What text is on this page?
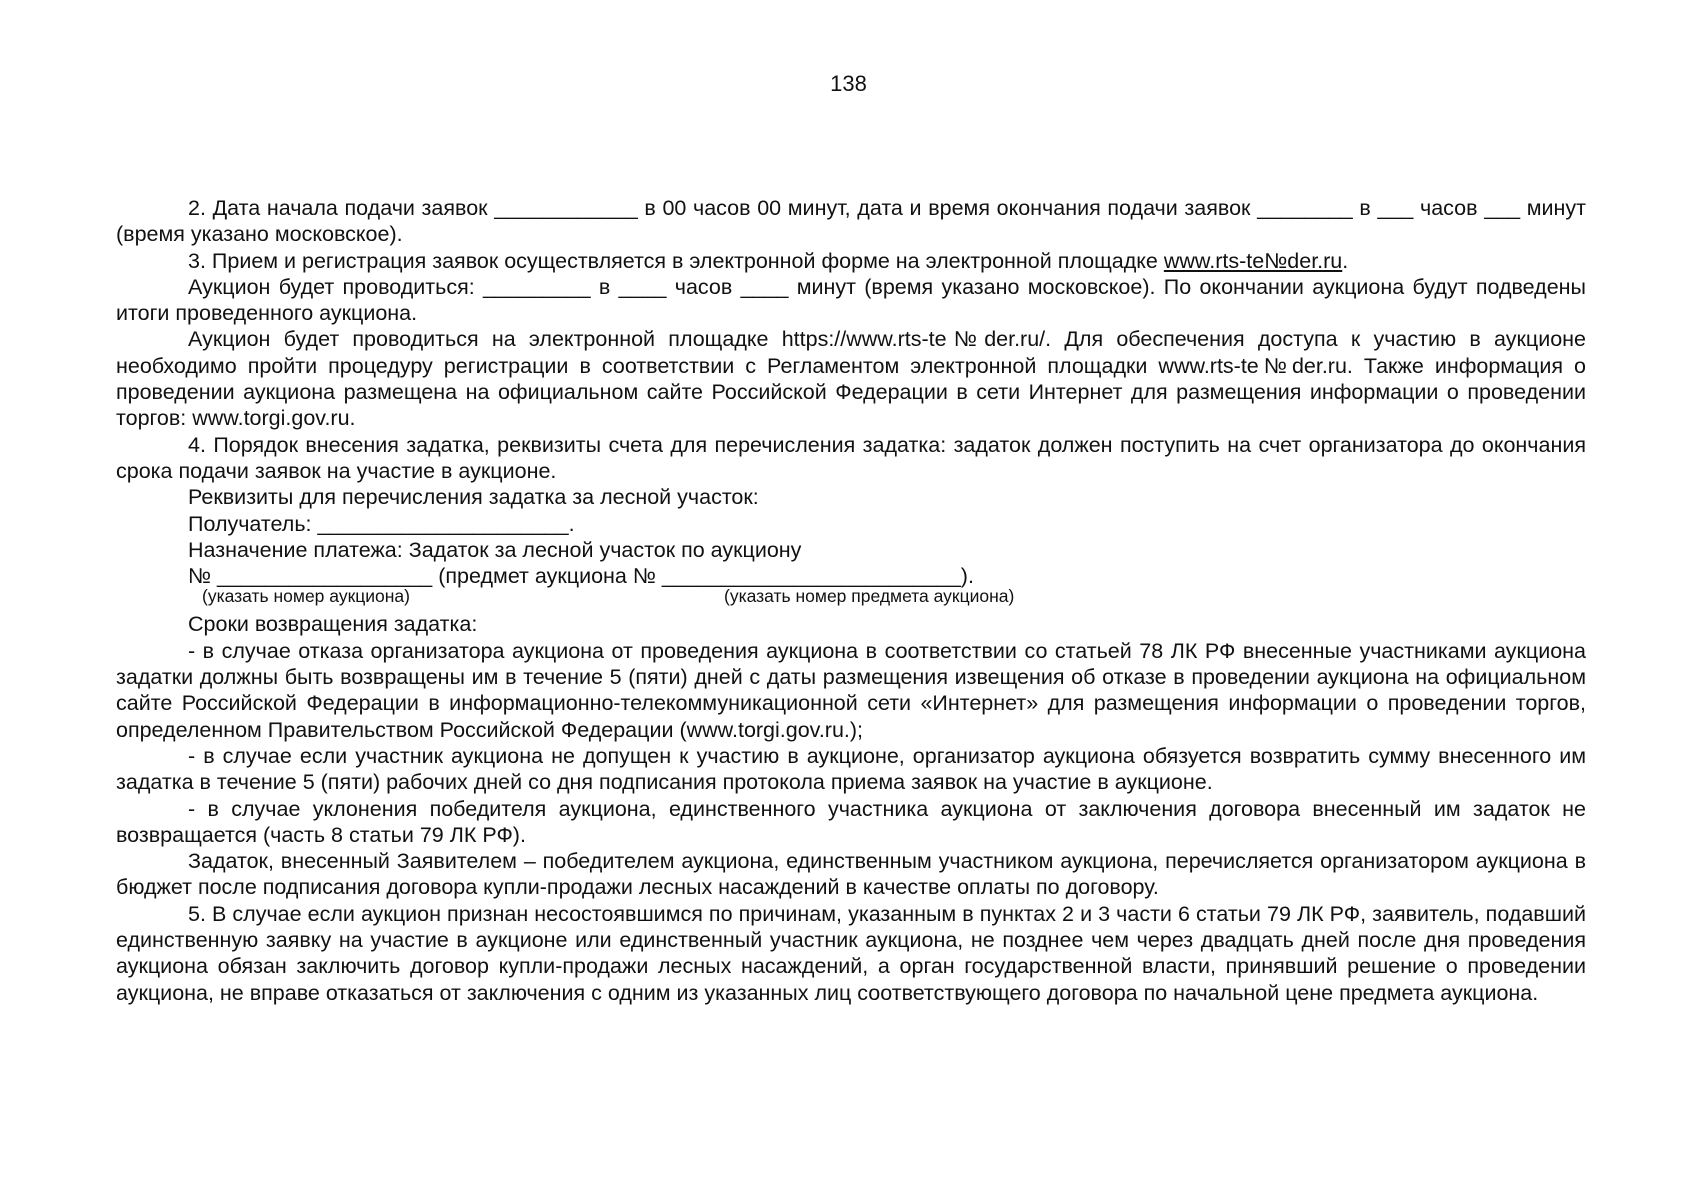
138

2. Дата начала подачи заявок ____________ в 00 часов 00 минут, дата и время окончания подачи заявок ________ в ___ часов ___ минут (время указано московское).

3. Прием и регистрация заявок осуществляется в электронной форме на электронной площадке www.rts-te№der.ru.

Аукцион будет проводиться: _________ в ____ часов ____ минут (время указано московское). По окончании аукциона будут подведены итоги проведенного аукциона.

Аукцион будет проводиться на электронной площадке https://www.rts-te№der.ru/. Для обеспечения доступа к участию в аукционе необходимо пройти процедуру регистрации в соответствии с Регламентом электронной площадки www.rts-te№der.ru. Также информация о проведении аукциона размещена на официальном сайте Российской Федерации в сети Интернет для размещения информации о проведении торгов: www.torgi.gov.ru.

4. Порядок внесения задатка, реквизиты счета для перечисления задатка: задаток должен поступить на счет организатора до окончания срока подачи заявок на участие в аукционе.

Реквизиты для перечисления задатка за лесной участок:

Получатель: _____________________.

Назначение платежа: Задаток за лесной участок по аукциону

№ __________________ (предмет аукциона № _________________________).

(указать номер аукциона)	(указать номер предмета аукциона)

Сроки возвращения задатка:

- в случае отказа организатора аукциона от проведения аукциона в соответствии со статьей 78 ЛК РФ внесенные участниками аукциона задатки должны быть возвращены им в течение 5 (пяти) дней с даты размещения извещения об отказе в проведении аукциона на официальном сайте Российской Федерации в информационно-телекоммуникационной сети «Интернет» для размещения информации о проведении торгов, определенном Правительством Российской Федерации (www.torgi.gov.ru.);

- в случае если участник аукциона не допущен к участию в аукционе, организатор аукциона обязуется возвратить сумму внесенного им задатка в течение 5 (пяти) рабочих дней со дня подписания протокола приема заявок на участие в аукционе.

- в случае уклонения победителя аукциона, единственного участника аукциона от заключения договора внесенный им задаток не возвращается (часть 8 статьи 79 ЛК РФ).

Задаток, внесенный Заявителем – победителем аукциона, единственным участником аукциона, перечисляется организатором аукциона в бюджет после подписания договора купли-продажи лесных насаждений в качестве оплаты по договору.

5. В случае если аукцион признан несостоявшимся по причинам, указанным в пунктах 2 и 3 части 6 статьи 79 ЛК РФ, заявитель, подавший единственную заявку на участие в аукционе или единственный участник аукциона, не позднее чем через двадцать дней после дня проведения аукциона обязан заключить договор купли-продажи лесных насаждений, а орган государственной власти, принявший решение о проведении аукциона, не вправе отказаться от заключения с одним из указанных лиц соответствующего договора по начальной цене предмета аукциона.
